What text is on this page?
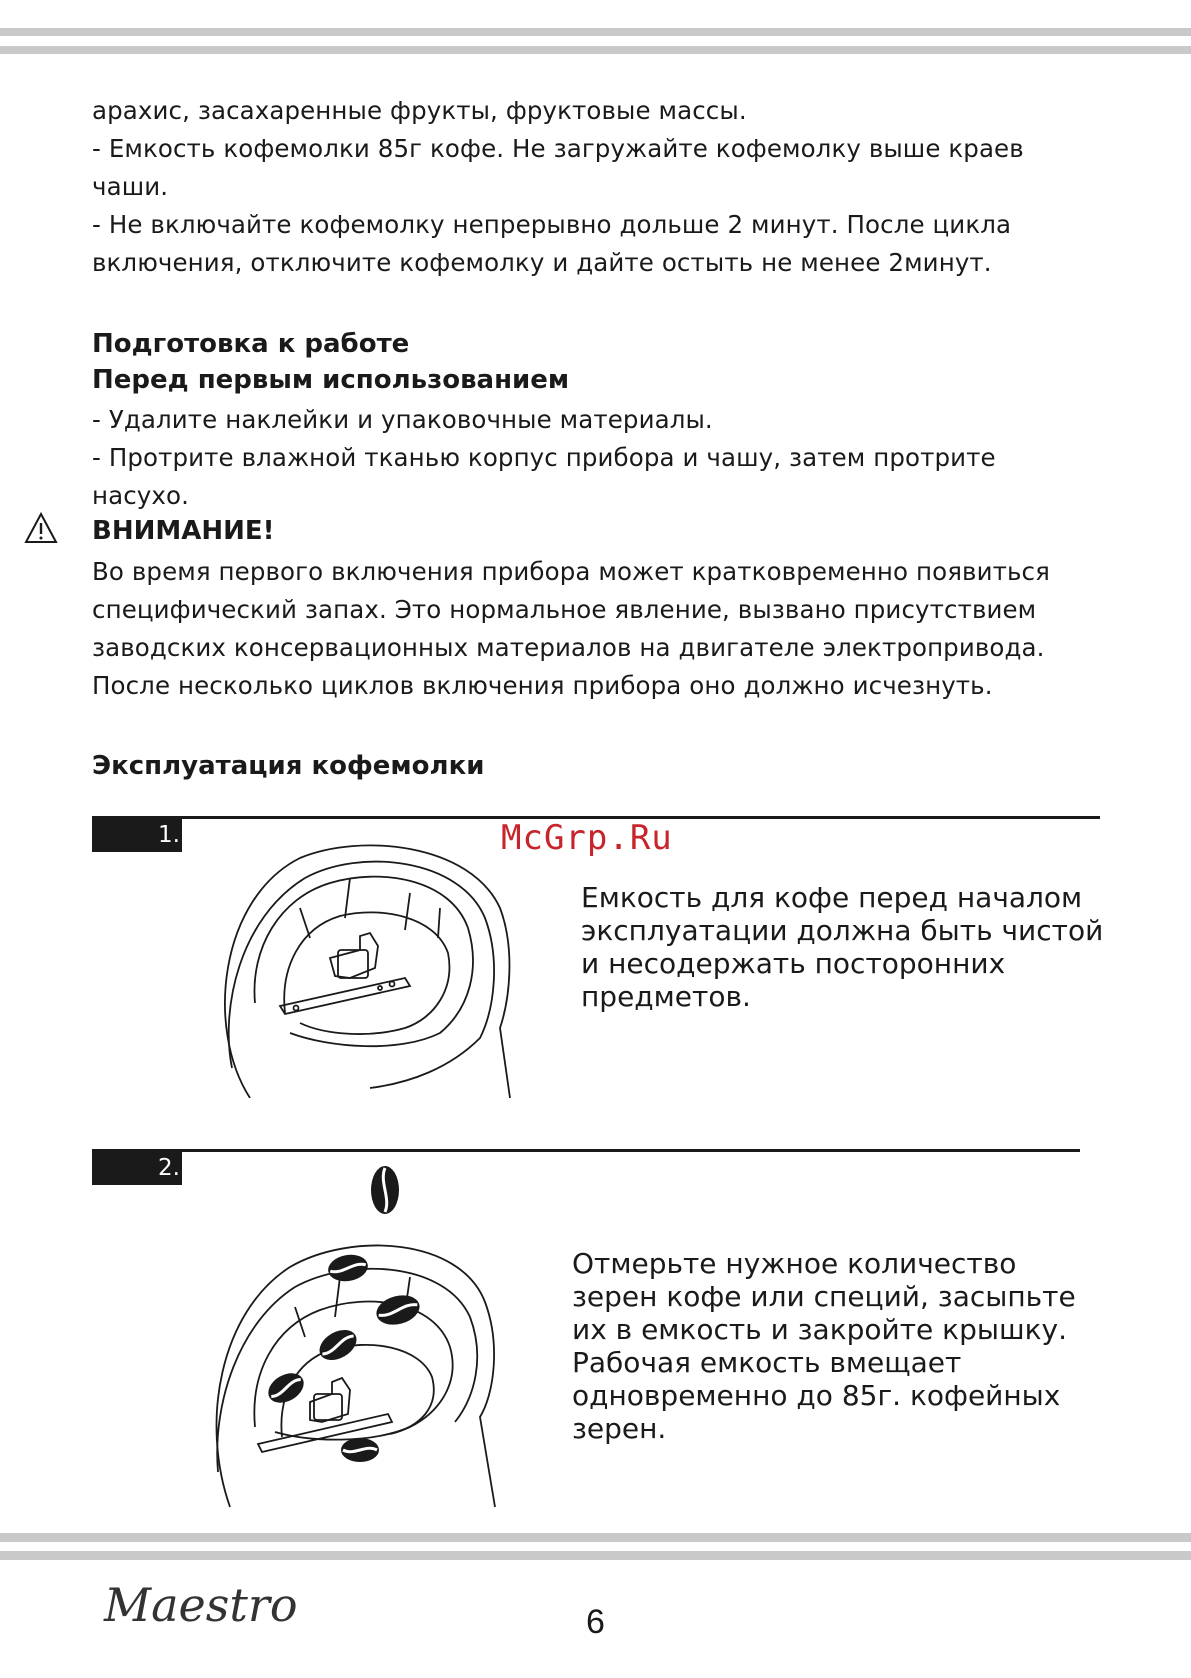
арахис, засахаренные фрукты, фруктовые массы.

- Емкость кофемолки 85г кофе. Не загружайте кофемолку выше краев

чаши.

- Не включайте кофемолку непрерывно дольше 2 минут. После цикла

включения, отключите кофемолку и дайте остыть не менее 2минут.

Подготовка к работе
Перед первым использованием

- Удалите наклейки и упаковочные материалы.

- Протрите влажной тканью корпус прибора и чашу, затем протрите

насухо.

ВНИМАНИЕ!

Во время первого включения прибора может кратковременно появиться

специфический запах. Это нормальное явление, вызвано присутствием

заводских консервационных материалов на двигателе электропривода.

После несколько циклов включения прибора оно должно исчезнуть.

Эксплуатация кофемолки
1.	McGrp.Ru

Емкость для кофе перед началом

эксплуатации должна быть чистой

и несодержать посторонних

предметов.

2.

Отмерьте нужное количество

зерен кофе или специй, засыпьте

их в емкость и закройте крышку.

Рабочая емкость вмещает

одновременно до 85г. кофейных

зерен.

Maestro	6
